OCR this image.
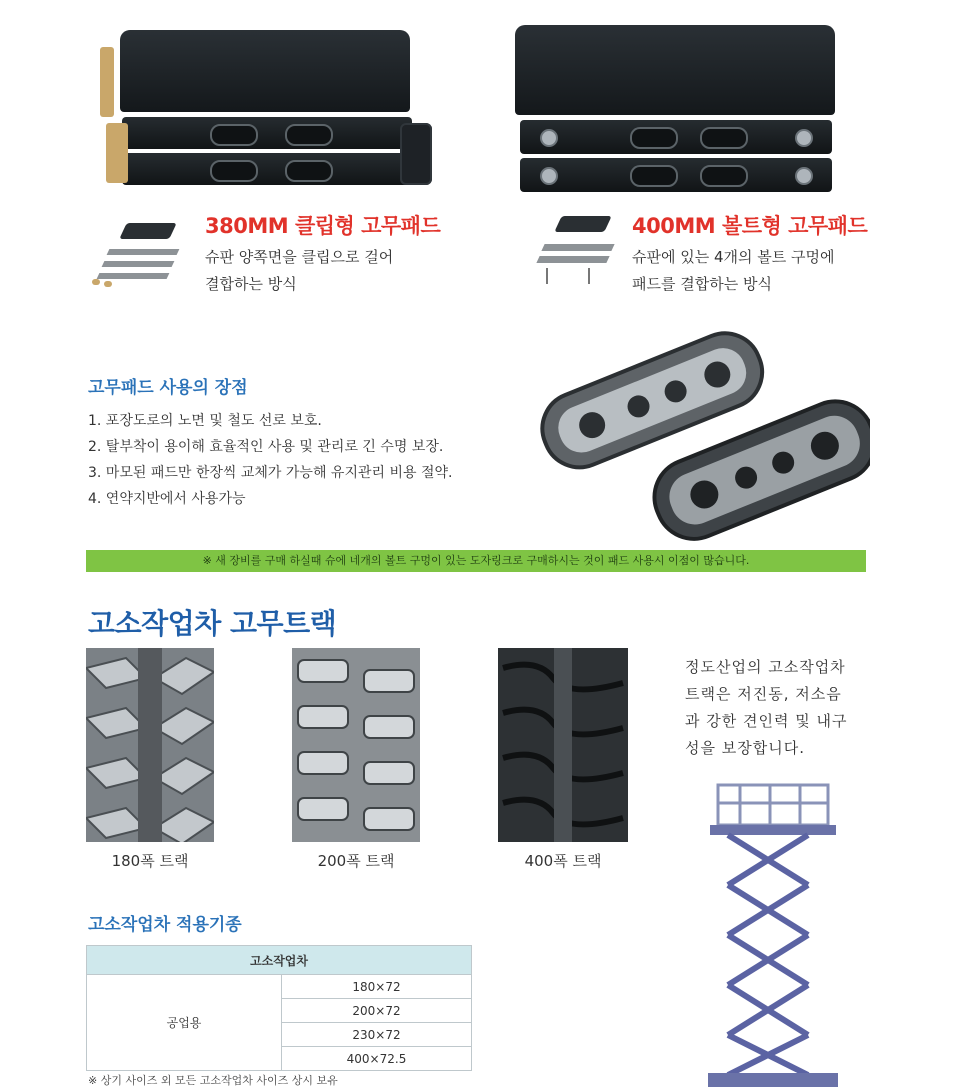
380MM 클립형 고무패드
슈판 양쪽면을 클립으로 걸어
결합하는 방식
400MM 볼트형 고무패드
슈판에 있는 4개의 볼트 구멍에
패드를 결합하는 방식
고무패드 사용의 장점
1. 포장도로의 노면 및 철도 선로 보호.
2. 탈부착이 용이해 효율적인 사용 및 관리로 긴 수명 보장.
3. 마모된 패드만 한장씩 교체가 가능해 유지관리 비용 절약.
4. 연약지반에서 사용가능
※ 새 장비를 구매 하실때 슈에 네개의 볼트 구멍이 있는 도자링크로 구매하시는 것이 패드 사용시 이점이 많습니다.
고소작업차 고무트랙
180폭 트랙	200폭 트랙	400폭 트랙
정도산업의 고소작업차
트랙은 저진동, 저소음
과 강한 견인력 및 내구
성을 보장합니다.
고소작업차 적용기종
고소작업차
공업용	180×72
200×72
230×72
400×72.5
※ 상기 사이즈 외 모든 고소작업차 사이즈 상시 보유
